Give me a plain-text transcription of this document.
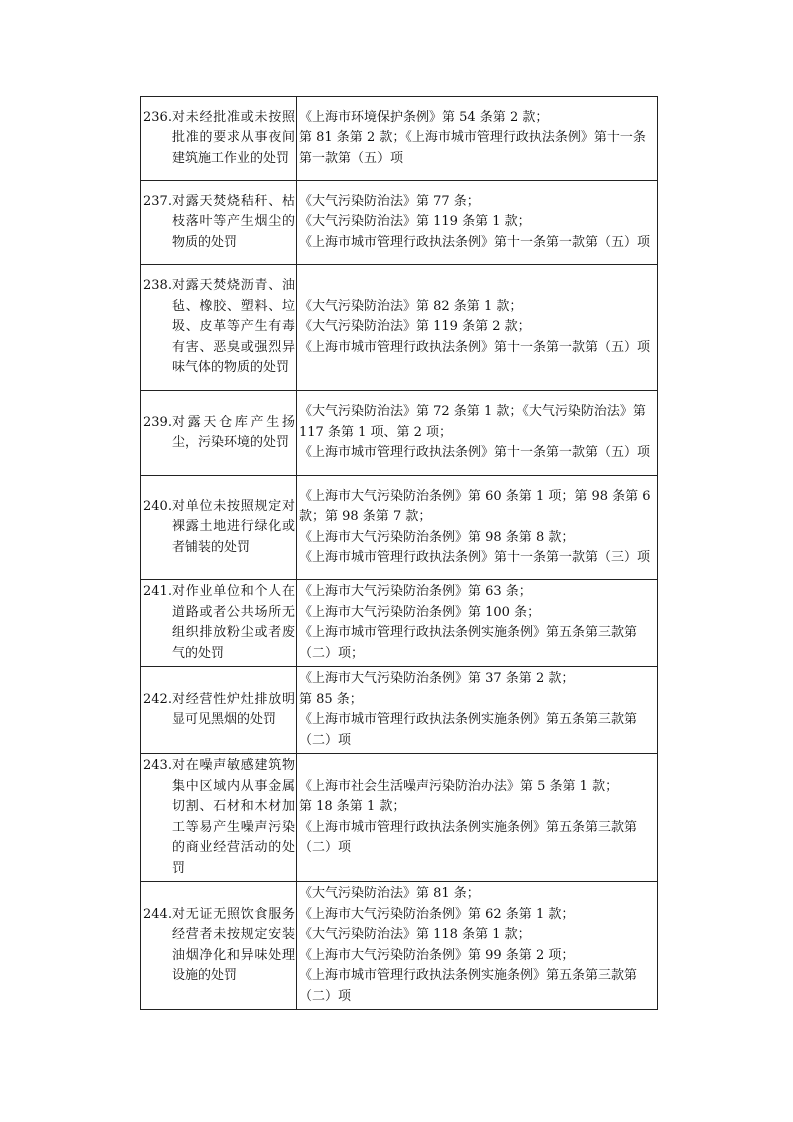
236. 对未经批准或未按照批准的要求从事夜间建筑施工作业的处罚	《上海市环境保护条例》第 54 条第 2 款；
第 81 条第 2 款；《上海市城市管理行政执法条例》第十一条第一款第（五）项

237. 对露天焚烧秸秆、枯枝落叶等产生烟尘的物质的处罚	《大气污染防治法》第 77 条；
《大气污染防治法》第 119 条第 1 款；
《上海市城市管理行政执法条例》第十一条第一款第（五）项

238. 对露天焚烧沥青、油毡、橡胶、塑料、垃圾、皮革等产生有毒有害、恶臭或强烈异味气体的物质的处罚	《大气污染防治法》第 82 条第 1 款；
《大气污染防治法》第 119 条第 2 款；
《上海市城市管理行政执法条例》第十一条第一款第（五）项

239. 对露天仓库产生扬尘，污染环境的处罚	《大气污染防治法》第 72 条第 1 款；《大气污染防治法》第 117 条第 1 项、第 2 项；
《上海市城市管理行政执法条例》第十一条第一款第（五）项

240. 对单位未按照规定对裸露土地进行绿化或者铺装的处罚	《上海市大气污染防治条例》第 60 条第 1 项；第 98 条第 6 款；第 98 条第 7 款；
《上海市大气污染防治条例》第 98 条第 8 款；
《上海市城市管理行政执法条例》第十一条第一款第（三）项

241. 对作业单位和个人在道路或者公共场所无组织排放粉尘或者废气的处罚	《上海市大气污染防治条例》第 63 条；
《上海市大气污染防治条例》第 100 条；
《上海市城市管理行政执法条例实施条例》第五条第三款第（二）项；

242. 对经营性炉灶排放明显可见黑烟的处罚	《上海市大气污染防治条例》第 37 条第 2 款；
第 85 条；
《上海市城市管理行政执法条例实施条例》第五条第三款第（二）项

243. 对在噪声敏感建筑物集中区域内从事金属切割、石材和木材加工等易产生噪声污染的商业经营活动的处罚	《上海市社会生活噪声污染防治办法》第 5 条第 1 款；
第 18 条第 1 款；
《上海市城市管理行政执法条例实施条例》第五条第三款第（二）项

244. 对无证无照饮食服务经营者未按规定安装油烟净化和异味处理设施的处罚	《大气污染防治法》第 81 条；
《上海市大气污染防治条例》第 62 条第 1 款；
《大气污染防治法》第 118 条第 1 款；
《上海市大气污染防治条例》第 99 条第 2 项；
《上海市城市管理行政执法条例实施条例》第五条第三款第（二）项
